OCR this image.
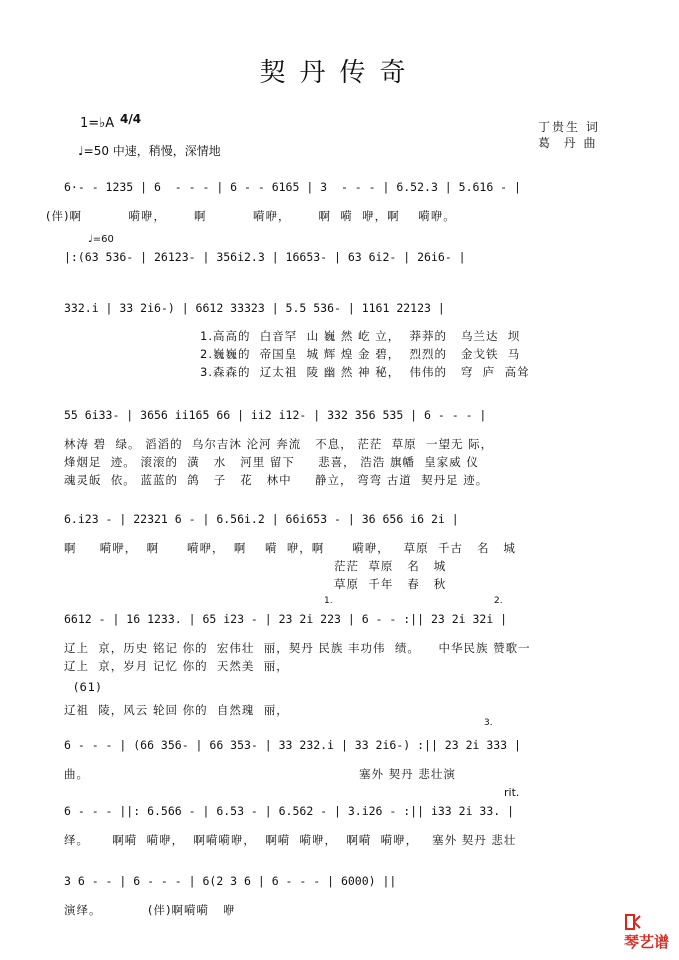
契丹传奇
1=♭A 4/4
♩=50 中速，稍慢，深情地
丁贵生 词
葛  丹 曲
6·- - 1235 | 6  - - - | 6 - - 6165 | 3  - - - | 6.52.3 | 5.616 - |
(伴)啊          嗬咿，      啊          嗬咿，      啊  嗬  咿，啊    嗬咿。
♩=60
|:(63 536- | 26123- | 356i2.3 | 16653- | 63 6i2- | 26i6- |
332.i | 33 2i6-) | 6612 33323 | 5.5 536- | 1161 22123 |
1.高高的  白音罕  山 巍 然 屹 立，  莽莽的   乌兰达  坝
2.巍巍的  帝国皇  城 辉 煌 金 碧，  烈烈的   金戈铁  马
3.森森的  辽太祖  陵 幽 然 神 秘，  伟伟的   穹  庐  高耸
55 6i33- | 3656 ii165 66 | ii2 i12- | 332 356 535 | 6 - - - |
林涛 碧  绿。 滔滔的  乌尔吉沐 沦河 奔流   不息， 茫茫  草原  一望无 际，
烽烟足  迹。 滚滚的  潢   水   河里 留下     悲喜， 浩浩 旗幡  皇家威 仪
魂灵皈  依。 蓝蓝的  鸽   子   花   林中     静立， 弯弯 古道  契丹足 迹。
6.i23 - | 22321 6 - | 6.56i.2 | 66i653 - | 36 656 i6 2i |
啊     嗬咿，  啊      嗬咿，  啊    嗬  咿，啊      嗬咿，   草原  千古   名   城
茫茫  草原   名   城
草原  千年   春   秋
1.	2.
6612 - | 16 1233. | 65 i23 - | 23 2i 223 | 6 - - :|| 23 2i 32i |
辽上  京，历史 铭记 你的  宏伟壮  丽，契丹 民族 丰功伟  绩。    中华民族 赞歌一
辽上  京，岁月 记忆 你的  天然美  丽，
(61)
辽祖  陵，风云 轮回 你的  自然瑰  丽，
3.
6 - - - | (66 356- | 66 353- | 33 232.i | 33 2i6-) :|| 23 2i 333 |
曲。                                                          塞外 契丹 悲壮演
rit.
6 - - - ||: 6.566 - | 6.53 - | 6.562 - | 3.i26 - :|| i33 2i 33. |
绎。     啊嗬  嗬咿，  啊嗬嗬咿，  啊嗬  嗬咿，  啊嗬  嗬咿，   塞外 契丹 悲壮
3 6 - - | 6 - - - | 6(2 3 6 | 6 - - - | 6000) ||
演绎。          (伴)啊嗬嗬   咿

琴艺谱
